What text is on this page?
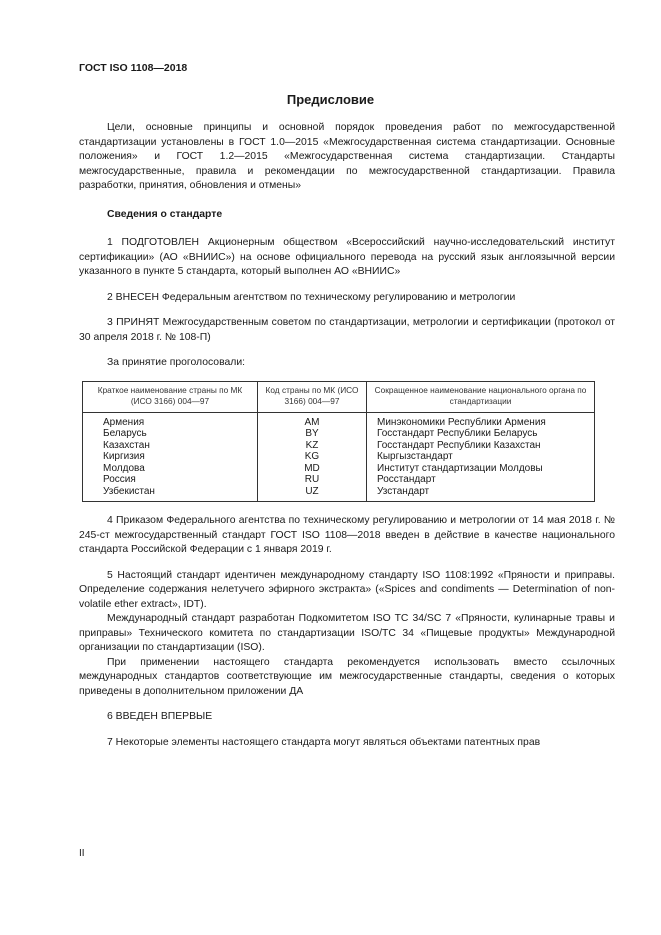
ГОСТ ISO 1108—2018
Предисловие

Цели, основные принципы и основной порядок проведения работ по межгосударственной стандартизации установлены в ГОСТ 1.0—2015 «Межгосударственная система стандартизации. Основные положения» и ГОСТ 1.2—2015 «Межгосударственная система стандартизации. Стандарты межгосударственные, правила и рекомендации по межгосударственной стандартизации. Правила разработки, принятия, обновления и отмены»

Сведения о стандарте

1 ПОДГОТОВЛЕН Акционерным обществом «Всероссийский научно-исследовательский институт сертификации» (АО «ВНИИС») на основе официального перевода на русский язык англоязычной версии указанного в пункте 5 стандарта, который выполнен АО «ВНИИС»

2 ВНЕСЕН Федеральным агентством по техническому регулированию и метрологии

3 ПРИНЯТ Межгосударственным советом по стандартизации, метрологии и сертификации (протокол от 30 апреля 2018 г. № 108-П)

За принятие проголосовали:

Краткое наименование страны по МК (ИСО 3166) 004—97	Код страны по МК (ИСО 3166) 004—97	Сокращенное наименование национального органа по стандартизации
Армения	AM	Минэкономики Республики Армения
Беларусь	BY	Госстандарт Республики Беларусь
Казахстан	KZ	Госстандарт Республики Казахстан
Киргизия	KG	Кыргызстандарт
Молдова	MD	Институт стандартизации Молдовы
Россия	RU	Росстандарт
Узбекистан	UZ	Узстандарт

4 Приказом Федерального агентства по техническому регулированию и метрологии от 14 мая 2018 г. № 245-ст межгосударственный стандарт ГОСТ ISO 1108—2018 введен в действие в качестве национального стандарта Российской Федерации с 1 января 2019 г.

5 Настоящий стандарт идентичен международному стандарту ISO 1108:1992 «Пряности и приправы. Определение содержания нелетучего эфирного экстракта» («Spices and condiments — Determination of non-volatile ether extract», IDT).

Международный стандарт разработан Подкомитетом ISO TC 34/SC 7 «Пряности, кулинарные травы и приправы» Технического комитета по стандартизации ISO/TC 34 «Пищевые продукты» Международной организации по стандартизации (ISO).

При применении настоящего стандарта рекомендуется использовать вместо ссылочных международных стандартов соответствующие им межгосударственные стандарты, сведения о которых приведены в дополнительном приложении ДА

6 ВВЕДЕН ВПЕРВЫЕ

7 Некоторые элементы настоящего стандарта могут являться объектами патентных прав

II
